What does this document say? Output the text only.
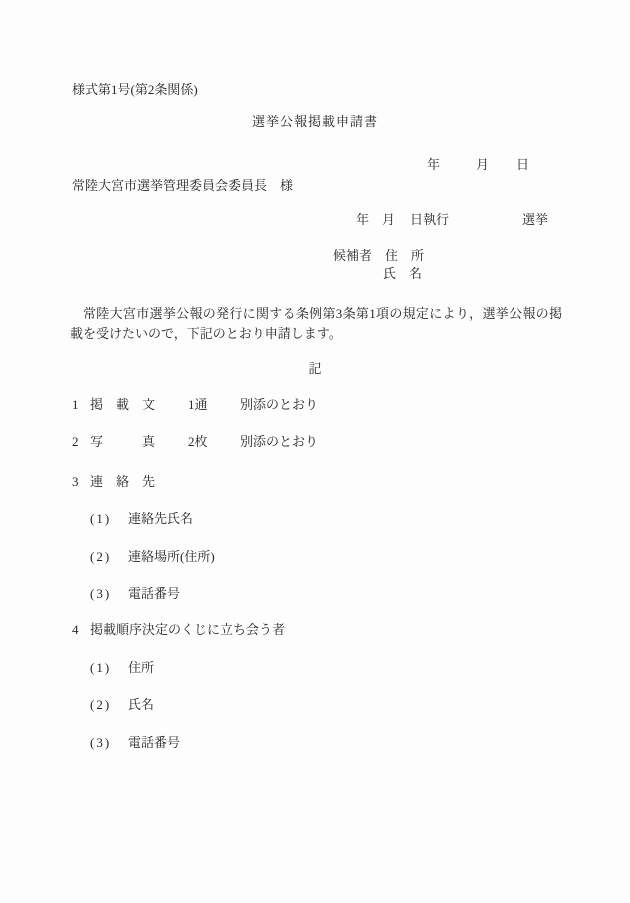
様式第1号(第2条関係)
選挙公報掲載申請書
年	月 日
常陸大宮市選挙管理委員会委員長　様
年 月 日執行	選挙
候補者　住　所
氏　名
常陸大宮市選挙公報の発行に関する条例第3条第1項の規定により，選挙公報の掲載を受けたいので，下記のとおり申請します。
記
1 掲　載　文	1通 別添のとおり
2 写　　　真	2枚 別添のとおり
3 連　絡　先
(1) 連絡先氏名
(2) 連絡場所(住所)
(3) 電話番号
4 掲載順序決定のくじに立ち会う者
(1) 住所
(2) 氏名
(3) 電話番号
